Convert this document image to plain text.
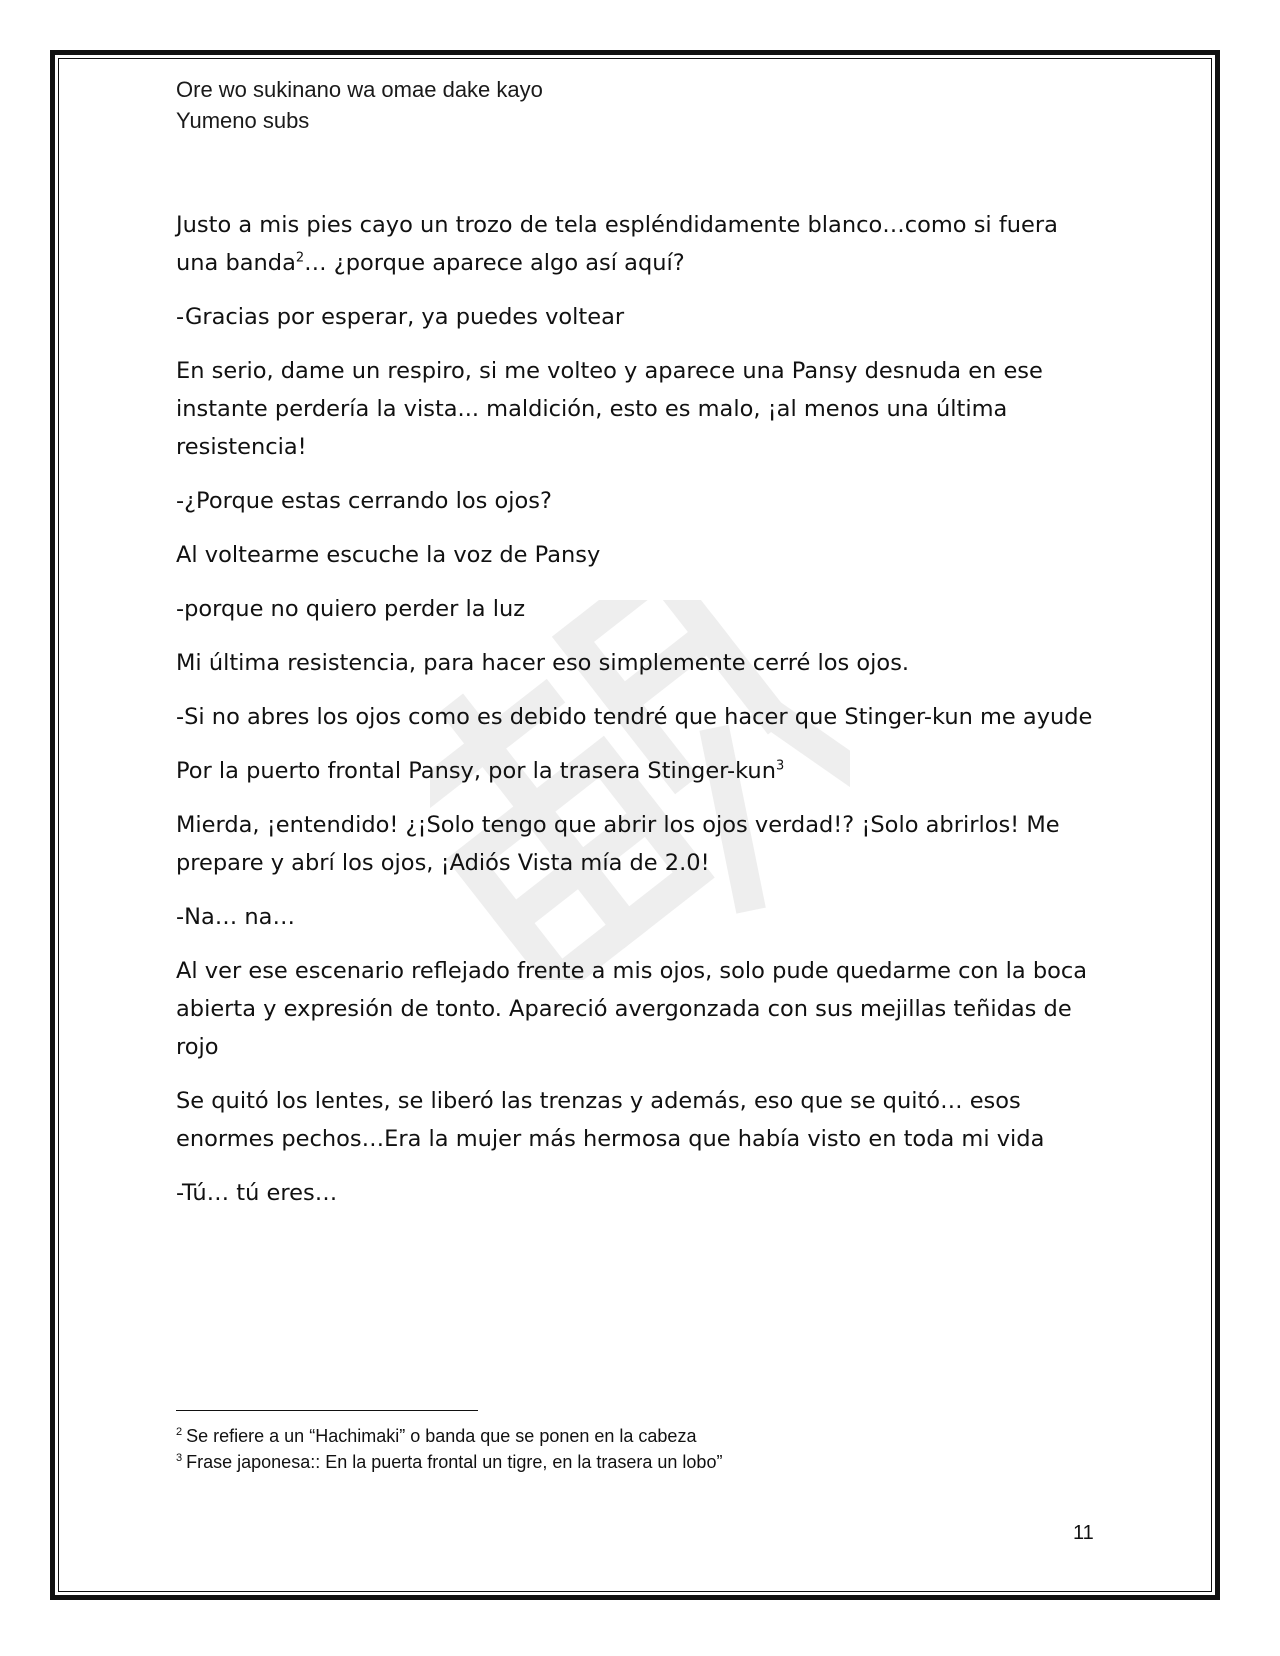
Ore wo sukinano wa omae dake kayo
Yumeno subs

Justo a mis pies cayo un trozo de tela espléndidamente blanco…como si fuera una banda$^2$… ¿porque aparece algo así aquí?

-Gracias por esperar, ya puedes voltear

En serio, dame un respiro, si me volteo y aparece una Pansy desnuda en ese instante perdería la vista... maldición, esto es malo, ¡al menos una última resistencia!

-¿Porque estas cerrando los ojos?

Al voltearme escuche la voz de Pansy

-porque no quiero perder la luz

Mi última resistencia, para hacer eso simplemente cerré los ojos.

-Si no abres los ojos como es debido tendré que hacer que Stinger-kun me ayude

Por la puerto frontal Pansy, por la trasera Stinger-kun$^3$

Mierda, ¡entendido! ¿¡Solo tengo que abrir los ojos verdad!? ¡Solo abrirlos! Me prepare y abrí los ojos, ¡Adiós Vista mía de 2.0!

-Na… na…

Al ver ese escenario reflejado frente a mis ojos, solo pude quedarme con la boca abierta y expresión de tonto. Apareció avergonzada con sus mejillas teñidas de rojo

Se quitó los lentes, se liberó las trenzas y además, eso que se quitó… esos enormes pechos…Era la mujer más hermosa que había visto en toda mi vida

-Tú… tú eres…

$^2$ Se refiere a un “Hachimaki” o banda que se ponen en la cabeza
$^3$ Frase japonesa:: En la puerta frontal un tigre, en la trasera un lobo”
11
